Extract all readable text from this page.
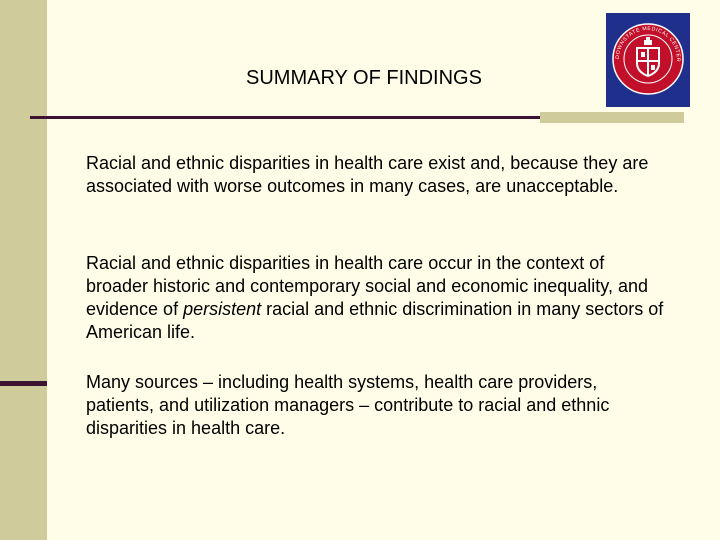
SUMMARY OF FINDINGS
DOWNSTATE MEDICAL CENTER
Racial and ethnic disparities in health care exist and, because they are associated with worse outcomes in many cases, are unacceptable.
Racial and ethnic disparities in health care occur in the context of broader historic and contemporary social and economic inequality, and evidence of persistent racial and ethnic discrimination in many sectors of American life.
Many sources – including health systems, health care providers, patients, and utilization managers – contribute to racial and ethnic disparities in health care.
